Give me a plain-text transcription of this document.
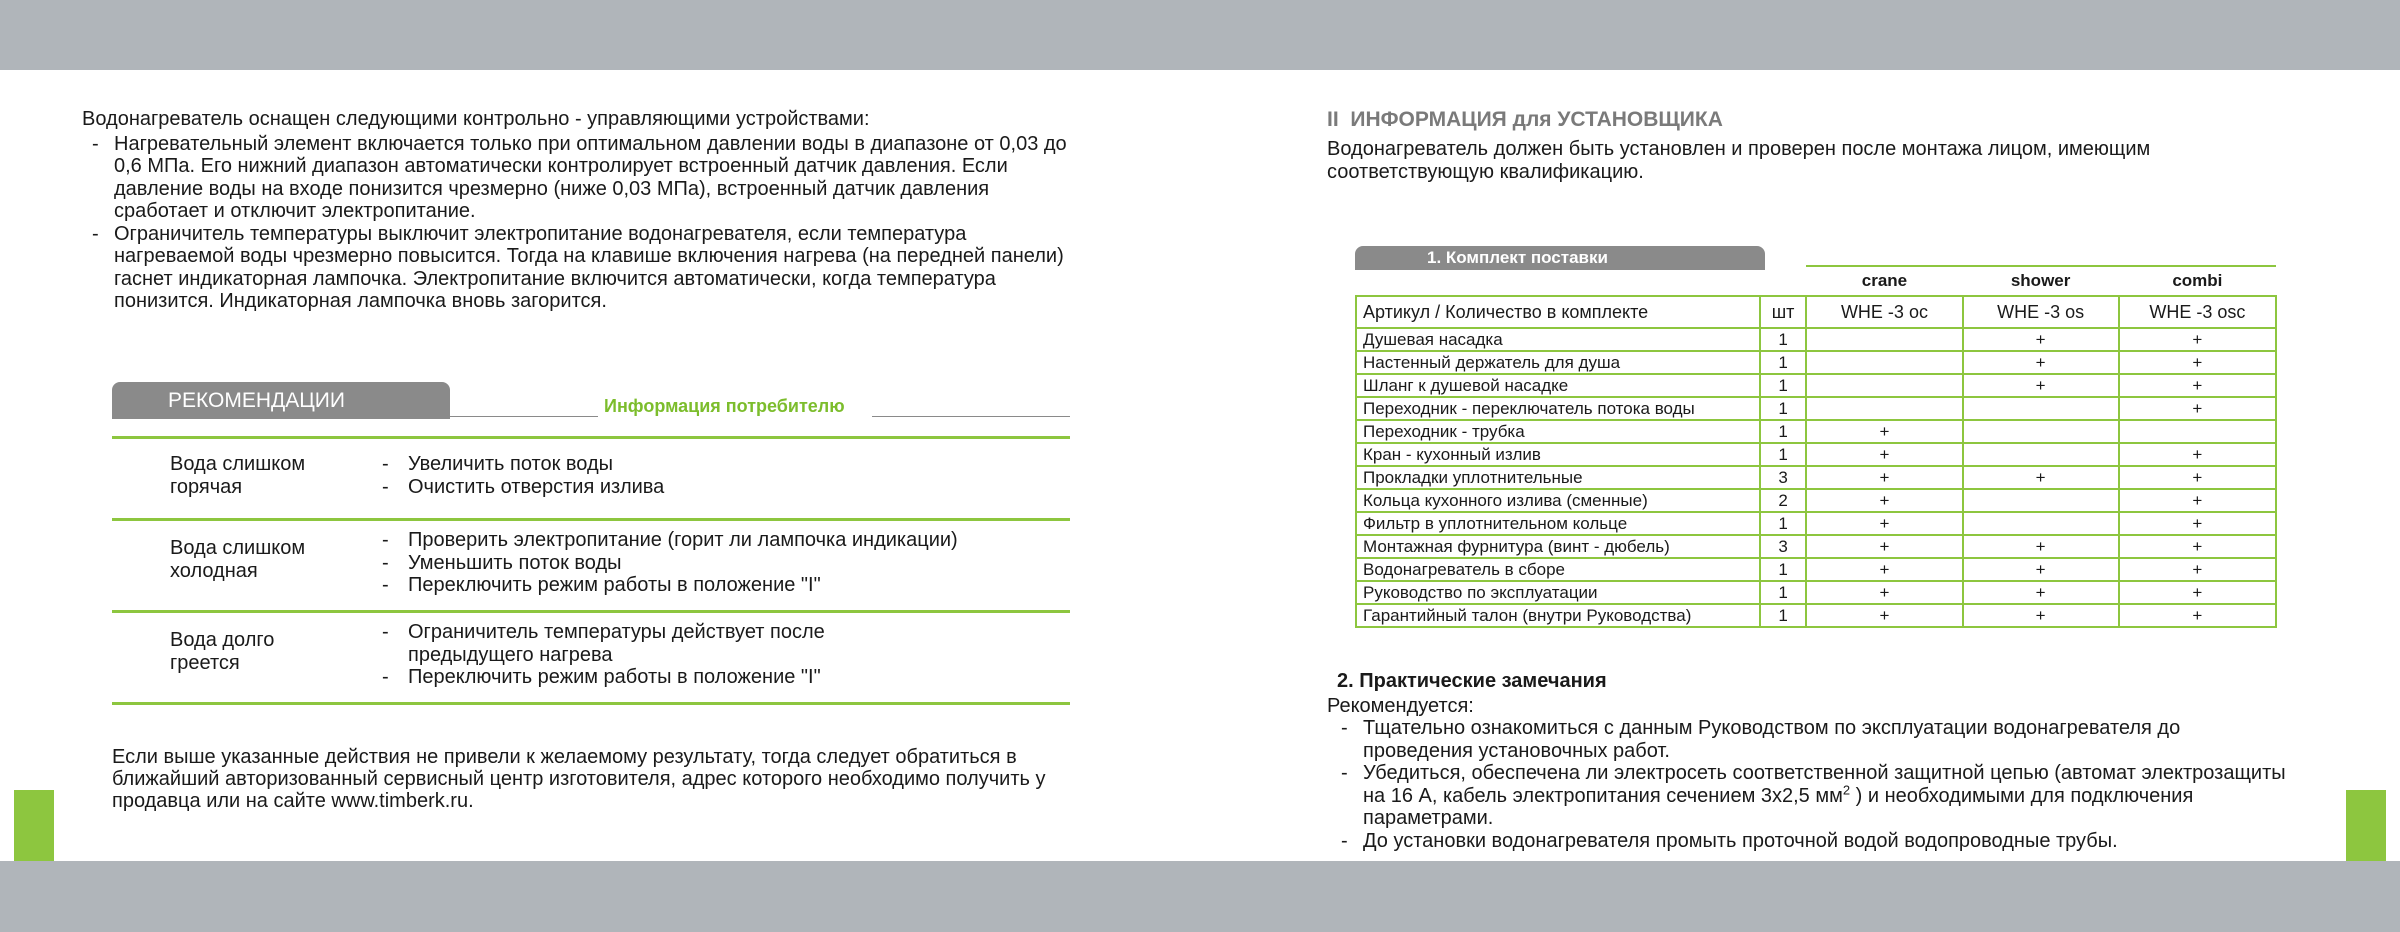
Водонагреватель оснащен следующими контрольно - управляющими устройствами:

- Нагревательный элемент включается только при оптимальном давлении воды в диапазоне от 0,03 до 0,6 МПа. Его нижний диапазон автоматически контролирует встроенный датчик давления. Если давление воды на входе понизится чрезмерно (ниже 0,03 МПа), встроенный датчик давления сработает и отключит электропитание.

- Ограничитель температуры выключит электропитание водонагревателя, если температура нагреваемой воды чрезмерно повысится. Тогда на клавише включения нагрева (на передней панели) гаснет индикаторная лампочка. Электропитание включится автоматически, когда температура понизится. Индикаторная лампочка вновь загорится.

РЕКОМЕНДАЦИИ	Информация потребителю
Вода слишком
горячая
- Увеличить поток воды
- Очистить отверстия излива
Вода слишком
холодная
- Проверить электропитание (горит ли лампочка индикации)
- Уменьшить поток воды
- Переключить режим работы в положение "I"
Вода долго
греется
- Ограничитель температуры действует после предыдущего нагрева
- Переключить режим работы в положение "I"
Если выше указанные действия не привели к желаемому результату, тогда следует обратиться в ближайший авторизованный сервисный центр изготовителя, адрес которого необходимо получить у продавца или на сайте www.timberk.ru.

II ИНФОРМАЦИЯ для УСТАНОВЩИКА

Водонагреватель должен быть установлен и проверен после монтажа лицом, имеющим соответствующую квалификацию.
1. Комплект поставки
		crane	shower	combi
Артикул / Количество в комплекте	шт	WHE -3 oc	WHE -3 os	WHE -3 osc
Душевая насадка	1		+	+
Настенный держатель для душа	1		+	+
Шланг к душевой насадке	1		+	+
Переходник - переключатель потока воды	1			+
Переходник - трубка	1	+		
Кран - кухонный излив	1	+		+
Прокладки уплотнительные	3	+	+	+
Кольца кухонного излива (сменные)	2	+		+
Фильтр в уплотнительном кольце	1	+		+
Монтажная фурнитура (винт - дюбель)	3	+	+	+
Водонагреватель в сборе	1	+	+	+
Руководство по эксплуатации	1	+	+	+
Гарантийный талон (внутри Руководства)	1	+	+	+
2. Практические замечания
Рекомендуется:

- Тщательно ознакомиться с данным Руководством по эксплуатации водонагревателя до проведения установочных работ.

- Убедиться, обеспечена ли электросеть соответственной защитной цепью (автомат электрозащиты на 16 А, кабель электропитания сечением 3х2,5 $мм^2$ ) и необходимыми для подключения параметрами.

- До установки водонагревателя промыть проточной водой водопроводные трубы.
